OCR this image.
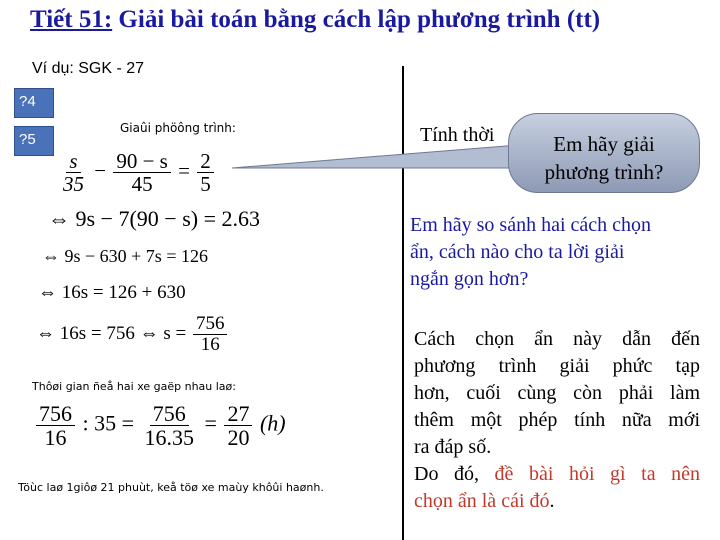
Tiết 51: Giải bài toán bằng cách lập phương trình (tt)
Ví dụ: SGK - 27
?4
?5
Giaûi phöông trình:
$\frac{s}{35} - \frac{90 - s}{45} = \frac{2}{5}$
⇔ 9s − 7(90 − s) = 2.63
⇔ 9s − 630 + 7s = 126
⇔ 16s = 126 + 630
⇔ 16s = 756 ⇔ $s = \frac{756}{16}$
Thôøi gian ñeå hai xe gaëp nhau laø:
$\frac{756}{16}$ : $35 = \frac{756}{16.35} = \frac{27}{20} (h)$
Töùc laø 1giôø 21 phuùt, keå töø xe maùy khôûi haønh.
Tính thời	Em hãy giải
phương trình?
Em hãy so sánh hai cách chọn
ẩn, cách nào cho ta lời giải
ngắn gọn hơn?
Cách chọn ẩn này dẫn đến
phương trình giải phức tạp
hơn, cuối cùng còn phải làm
thêm một phép tính nữa mới
ra đáp số.
Do đó, đề bài hỏi gì ta nên
chọn ẩn là cái đó.
